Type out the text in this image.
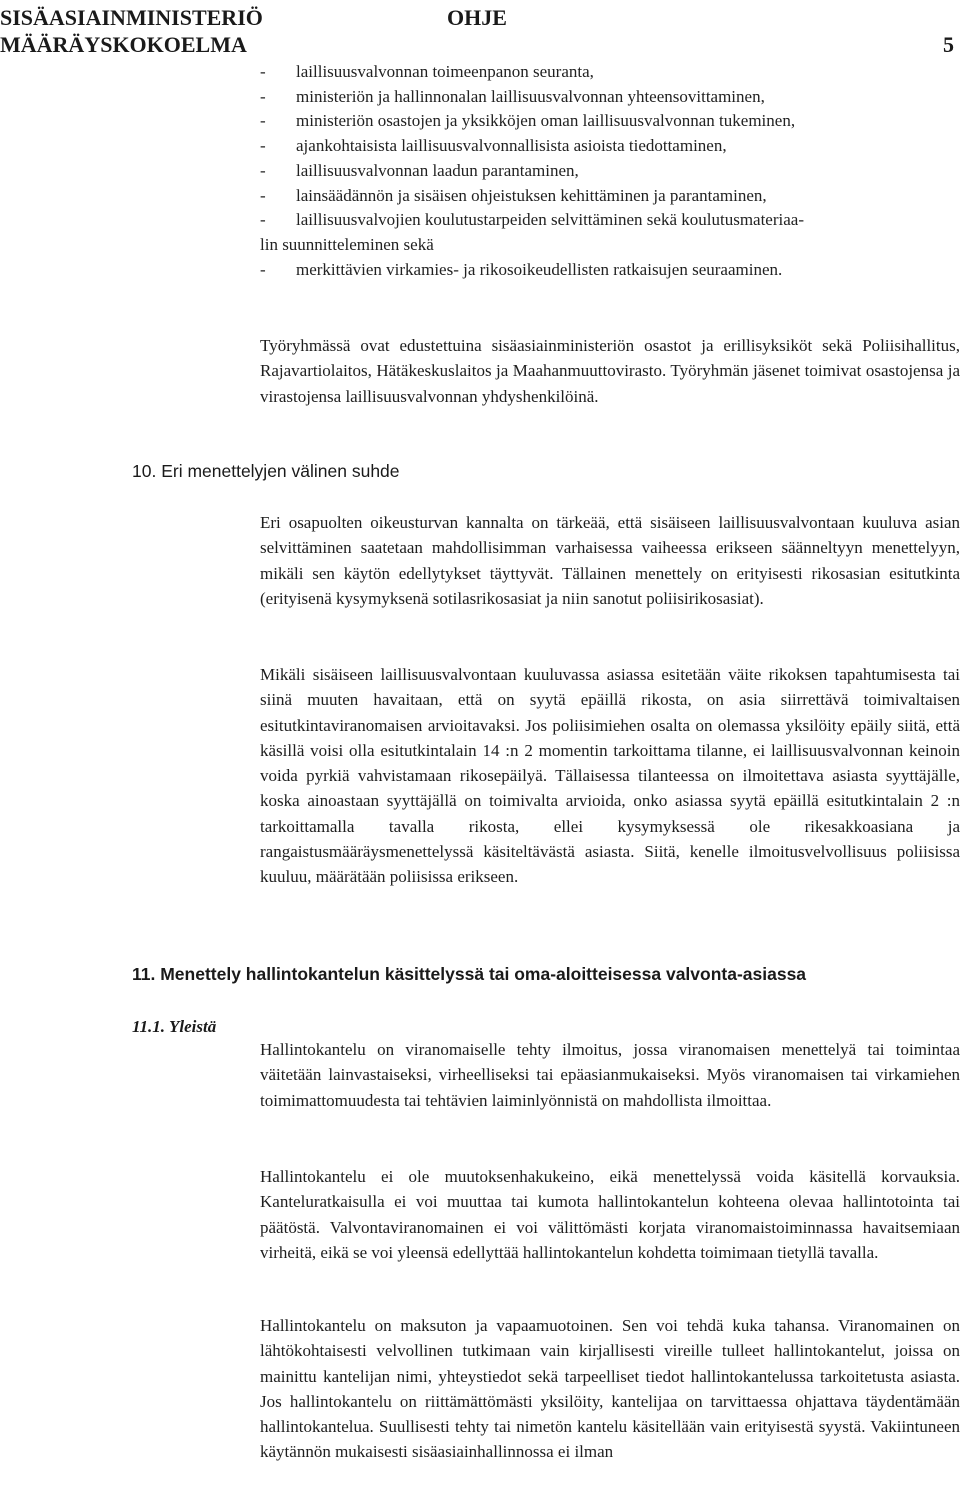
SISÄASIAINMINISTERIÖ
MÄÄRÄYSKOKOELMA
OHJE
5
- laillisuusvalvonnan toimeenpanon seuranta,
- ministeriön ja hallinnonalan laillisuusvalvonnan yhteensovittaminen,
- ministeriön osastojen ja yksikköjen oman laillisuusvalvonnan tukeminen,
- ajankohtaisista laillisuusvalvonnallisista asioista tiedottaminen,
- laillisuusvalvonnan laadun parantaminen,
- lainsäädännön ja sisäisen ohjeistuksen kehittäminen ja parantaminen,
- laillisuusvalvojien koulutustarpeiden selvittäminen sekä koulutusmateriaa-
lin suunnitteleminen sekä
- merkittävien virkamies- ja rikosoikeudellisten ratkaisujen seuraaminen.

Työryhmässä ovat edustettuina sisäasiainministeriön osastot ja erillisyksiköt sekä Poliisihallitus, Rajavartiolaitos, Hätäkeskuslaitos ja Maahanmuuttovirasto. Työryhmän jäsenet toimivat osastojensa ja virastojensa laillisuusvalvonnan yhdyshenkilöinä.

10. Eri menettelyjen välinen suhde

Eri osapuolten oikeusturvan kannalta on tärkeää, että sisäiseen laillisuusvalvontaan kuuluva asian selvittäminen saatetaan mahdollisimman varhaisessa vaiheessa erikseen säänneltyyn menettelyyn, mikäli sen käytön edellytykset täyttyvät. Tällainen menettely on erityisesti rikosasian esitutkinta (erityisenä kysymyksenä sotilasrikosasiat ja niin sanotut poliisirikosasiat).

Mikäli sisäiseen laillisuusvalvontaan kuuluvassa asiassa esitetään väite rikoksen tapahtumisesta tai siinä muuten havaitaan, että on syytä epäillä rikosta, on asia siirrettävä toimivaltaisen esitutkintaviranomaisen arvioitavaksi. Jos poliisimiehen osalta on olemassa yksilöity epäily siitä, että käsillä voisi olla esitutkintalain 14 :n 2 momentin tarkoittama tilanne, ei laillisuusvalvonnan keinoin voida pyrkiä vahvistamaan rikosepäilyä. Tällaisessa tilanteessa on ilmoitettava asiasta syyttäjälle, koska ainoastaan syyttäjällä on toimivalta arvioida, onko asiassa syytä epäillä esitutkintalain 2 :n tarkoittamalla tavalla rikosta, ellei kysymyksessä ole rikesakkoasiana ja rangaistusmääräysmenettelyssä käsiteltävästä asiasta. Siitä, kenelle ilmoitusvelvollisuus poliisissa kuuluu, määrätään poliisissa erikseen.

11. Menettely hallintokantelun käsittelyssä tai oma-aloitteisessa valvonta-asiassa
11.1. Yleistä

Hallintokantelu on viranomaiselle tehty ilmoitus, jossa viranomaisen menettelyä tai toimintaa väitetään lainvastaiseksi, virheelliseksi tai epäasianmukaiseksi. Myös viranomaisen tai virkamiehen toimimattomuudesta tai tehtävien laiminlyönnistä on mahdollista ilmoittaa.

Hallintokantelu ei ole muutoksenhakukeino, eikä menettelyssä voida käsitellä korvauksia. Kanteluratkaisulla ei voi muuttaa tai kumota hallintokantelun kohteena olevaa hallintotointa tai päätöstä. Valvontaviranomainen ei voi välittömästi korjata viranomaistoiminnassa havaitsemiaan virheitä, eikä se voi yleensä edellyttää hallintokantelun kohdetta toimimaan tietyllä tavalla.

Hallintokantelu on maksuton ja vapaamuotoinen. Sen voi tehdä kuka tahansa. Viranomainen on lähtökohtaisesti velvollinen tutkimaan vain kirjallisesti vireille tulleet hallintokantelut, joissa on mainittu kantelijan nimi, yhteystiedot sekä tarpeelliset tiedot hallintokantelussa tarkoitetusta asiasta. Jos hallintokantelu on riittämättömästi yksilöity, kantelijaa on tarvittaessa ohjattava täydentämään hallintokantelua. Suullisesti tehty tai nimetön kantelu käsitellään vain erityisestä syystä. Vakiintuneen käytännön mukaisesti sisäasiainhallinnossa ei ilman
